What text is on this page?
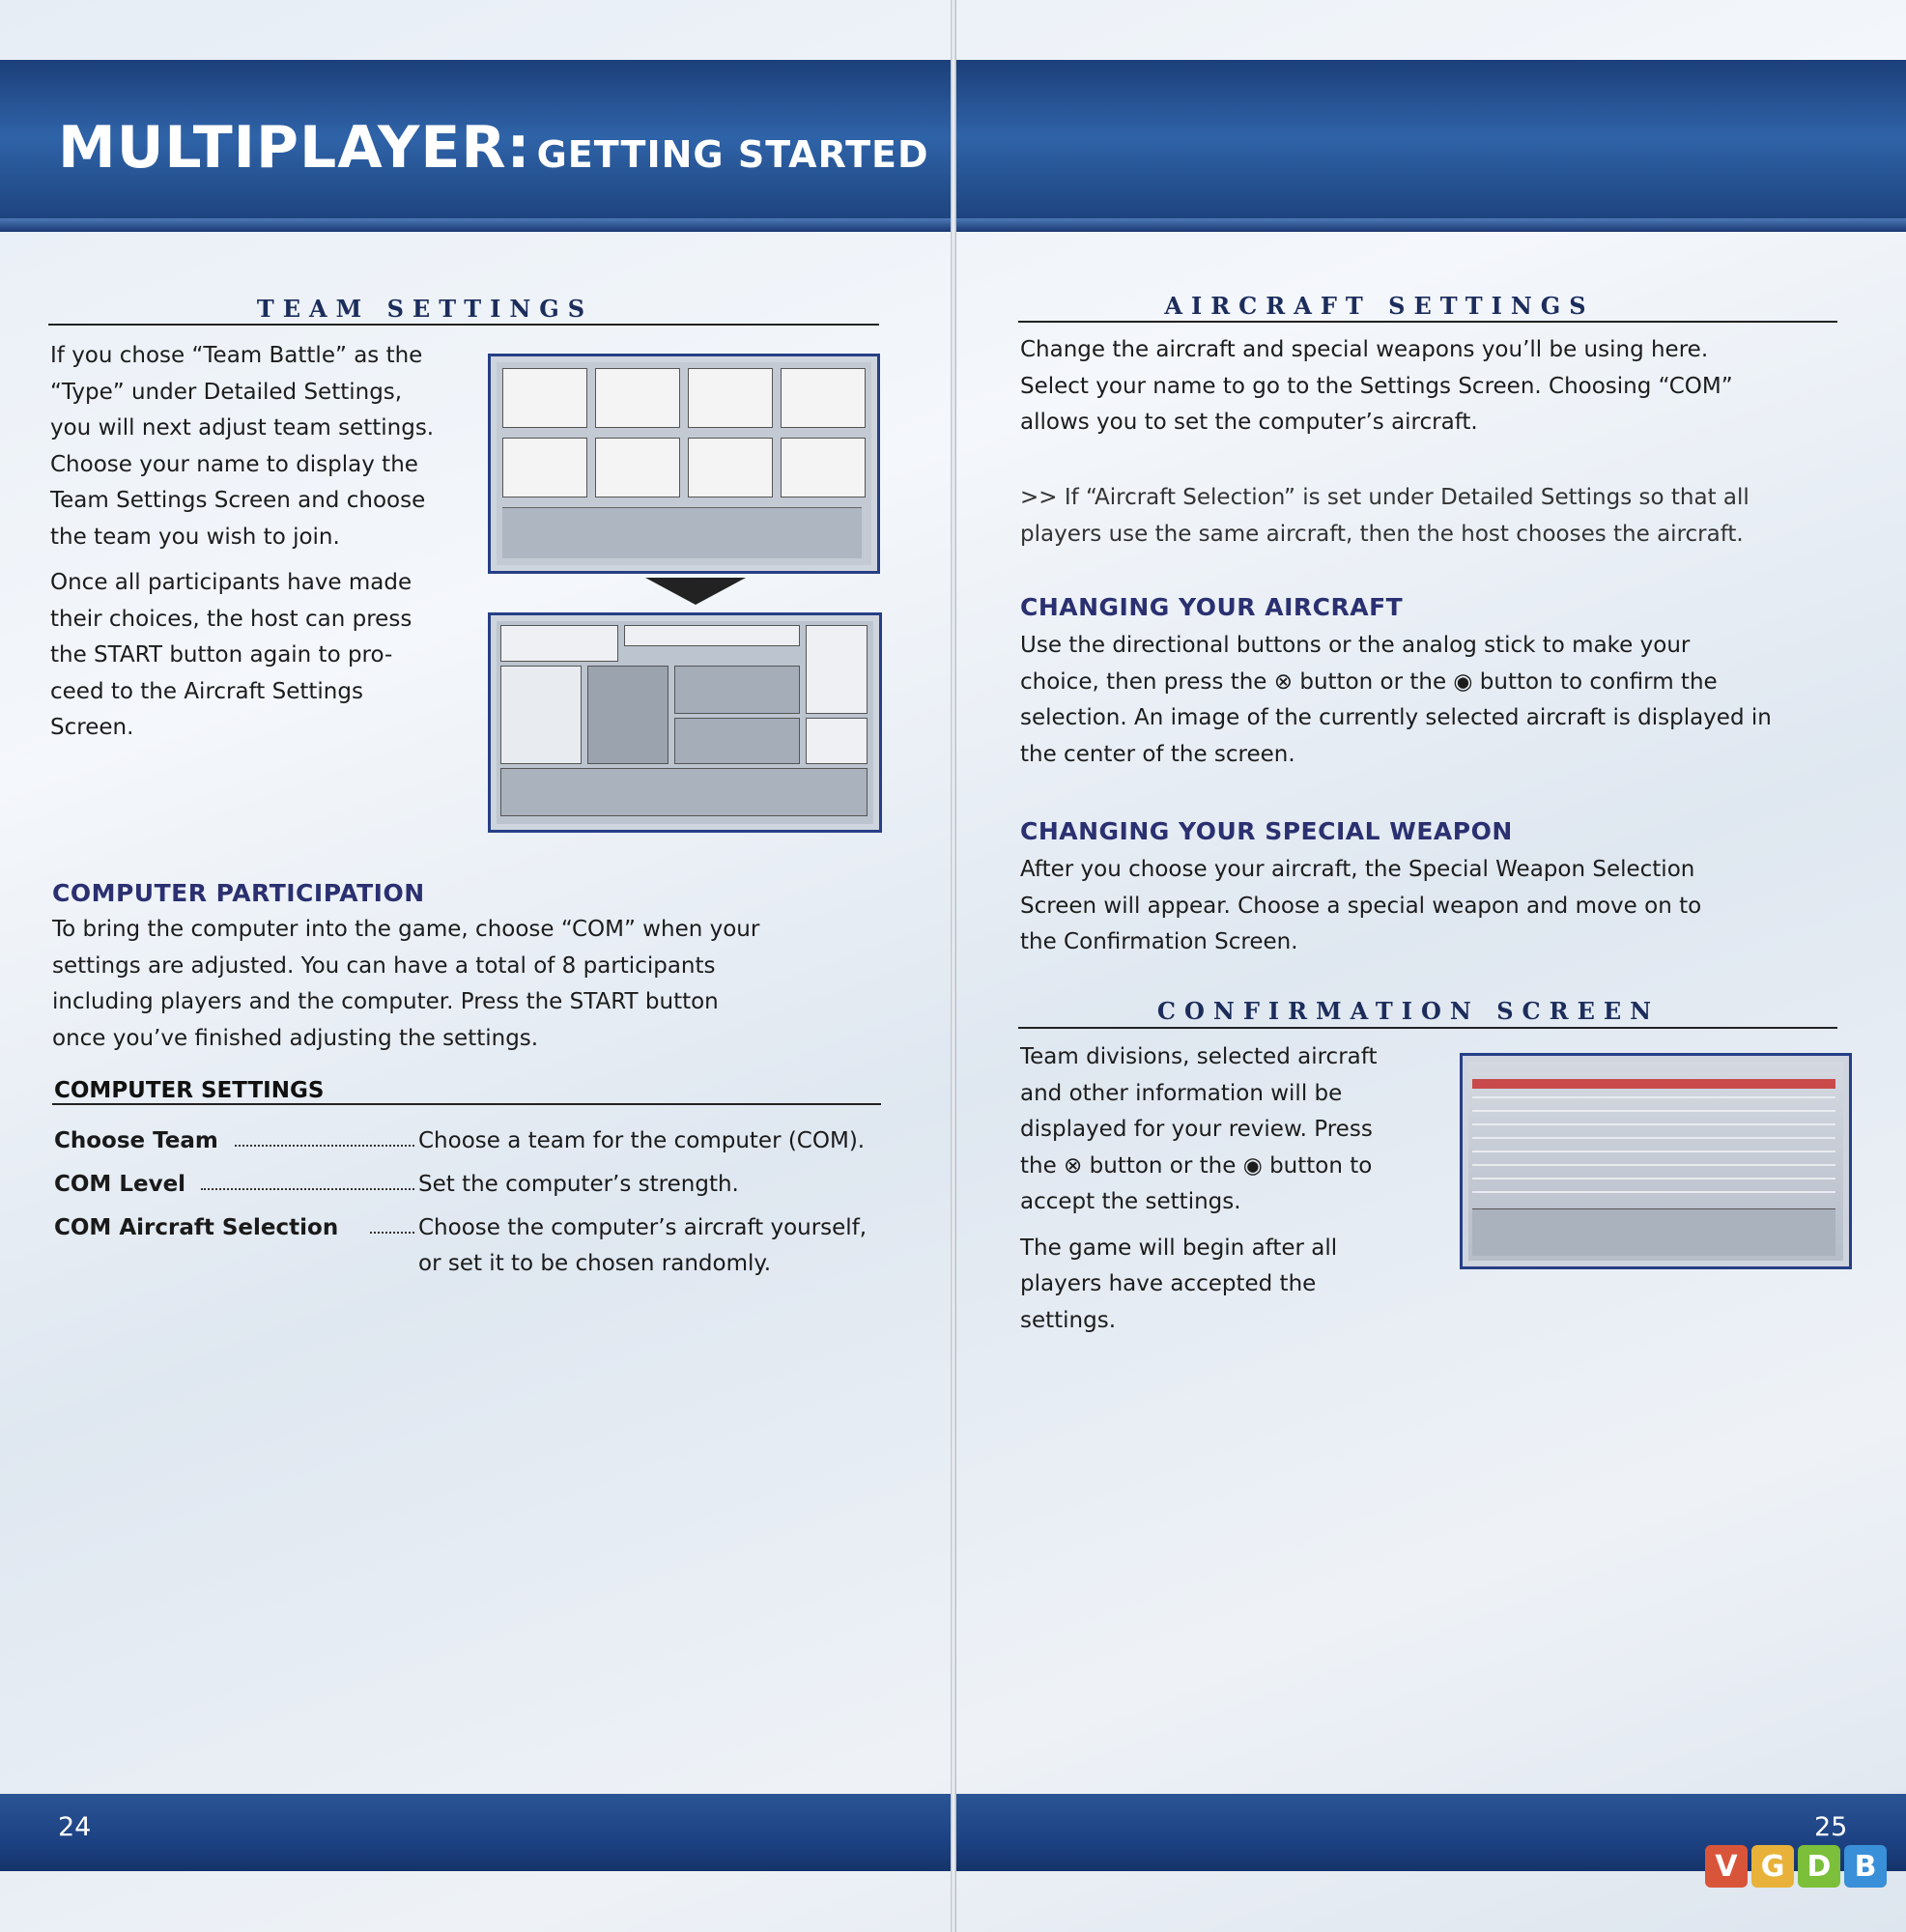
MULTIPLAYER: GETTING STARTED
TEAM SETTINGS

If you chose “Team Battle” as the
“Type” under Detailed Settings,
you will next adjust team settings.
Choose your name to display the
Team Settings Screen and choose
the team you wish to join.

Once all participants have made
their choices, the host can press
the START button again to pro-
ceed to the Aircraft Settings
Screen.

COMPUTER PARTICIPATION
To bring the computer into the game, choose “COM” when your
settings are adjusted. You can have a total of 8 participants
including players and the computer. Press the START button
once you’ve finished adjusting the settings.
COMPUTER SETTINGS
Choose Team	Choose a team for the computer (COM).
COM Level	Set the computer’s strength.
COM Aircraft Selection	Choose the computer’s aircraft yourself, or set it to be chosen randomly.
24
AIRCRAFT SETTINGS
Change the aircraft and special weapons you’ll be using here.
Select your name to go to the Settings Screen. Choosing “COM”
allows you to set the computer’s aircraft.
>> If “Aircraft Selection” is set under Detailed Settings so that all
players use the same aircraft, then the host chooses the aircraft.
CHANGING YOUR AIRCRAFT
Use the directional buttons or the analog stick to make your
choice, then press the ⊗ button or the ◉ button to confirm the
selection. An image of the currently selected aircraft is displayed in
the center of the screen.
CHANGING YOUR SPECIAL WEAPON
After you choose your aircraft, the Special Weapon Selection
Screen will appear. Choose a special weapon and move on to
the Confirmation Screen.
CONFIRMATION SCREEN

Team divisions, selected aircraft
and other information will be
displayed for your review. Press
the ⊗ button or the ◉ button to
accept the settings.

The game will begin after all
players have accepted the
settings.

25
V G D B
